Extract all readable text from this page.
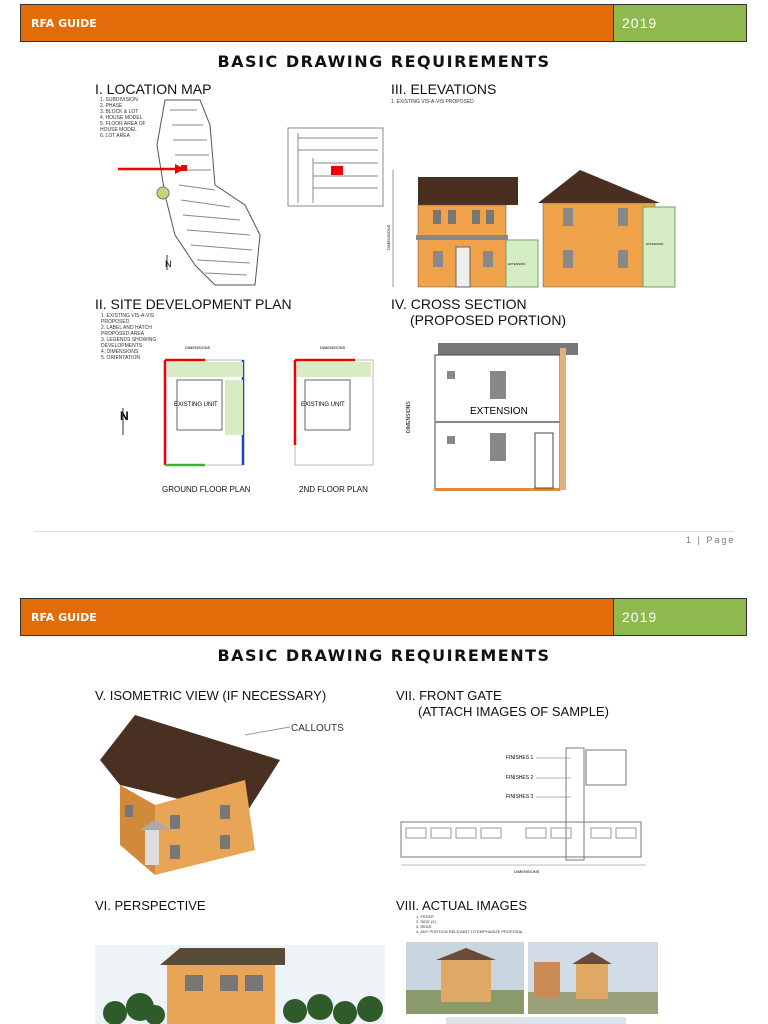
RFA GUIDE	2019
BASIC DRAWING REQUIREMENTS
I. LOCATION MAP
1. SUBDIVISION
2. PHASE
3. BLOCK & LOT
4. HOUSE MODEL
5. FLOOR AREA OF HOUSE MODEL
6. LOT AREA
N
III. ELEVATIONS
1. EXISTING VIS-A-VIS PROPOSED
DIMENSIONS
EXTENSION
EXTENSION
II. SITE DEVELOPMENT PLAN
1. EXISTING VIS-A-VIS PROPOSED
2. LABEL AND HATCH PROPOSED AREA
3. LEGENDS SHOWING DEVELOPMENTS
4. DIMENSIONS
5. ORIENTATION
N
DIMENSIONS
EXISTING UNIT
DIMENSIONS
EXISTING UNIT
GROUND FLOOR PLAN	2ND FLOOR PLAN
IV. CROSS SECTION
(PROPOSED PORTION)
DIMENSIONS	EXTENSION
1 | Page
RFA GUIDE	2019
BASIC DRAWING REQUIREMENTS
V. ISOMETRIC VIEW (IF NECESSARY)
CALLOUTS
VII. FRONT GATE
(ATTACH IMAGES OF SAMPLE)
FINISHES 1
FINISHES 2
FINISHES 3
DIMENSIONS
VI. PERSPECTIVE	VIII. ACTUAL IMAGES
1. FRONT
2. SIDE (2)
3. REAR
4. ANY PORTION RELEVANT TO EMPHASIZE PROPOSAL
